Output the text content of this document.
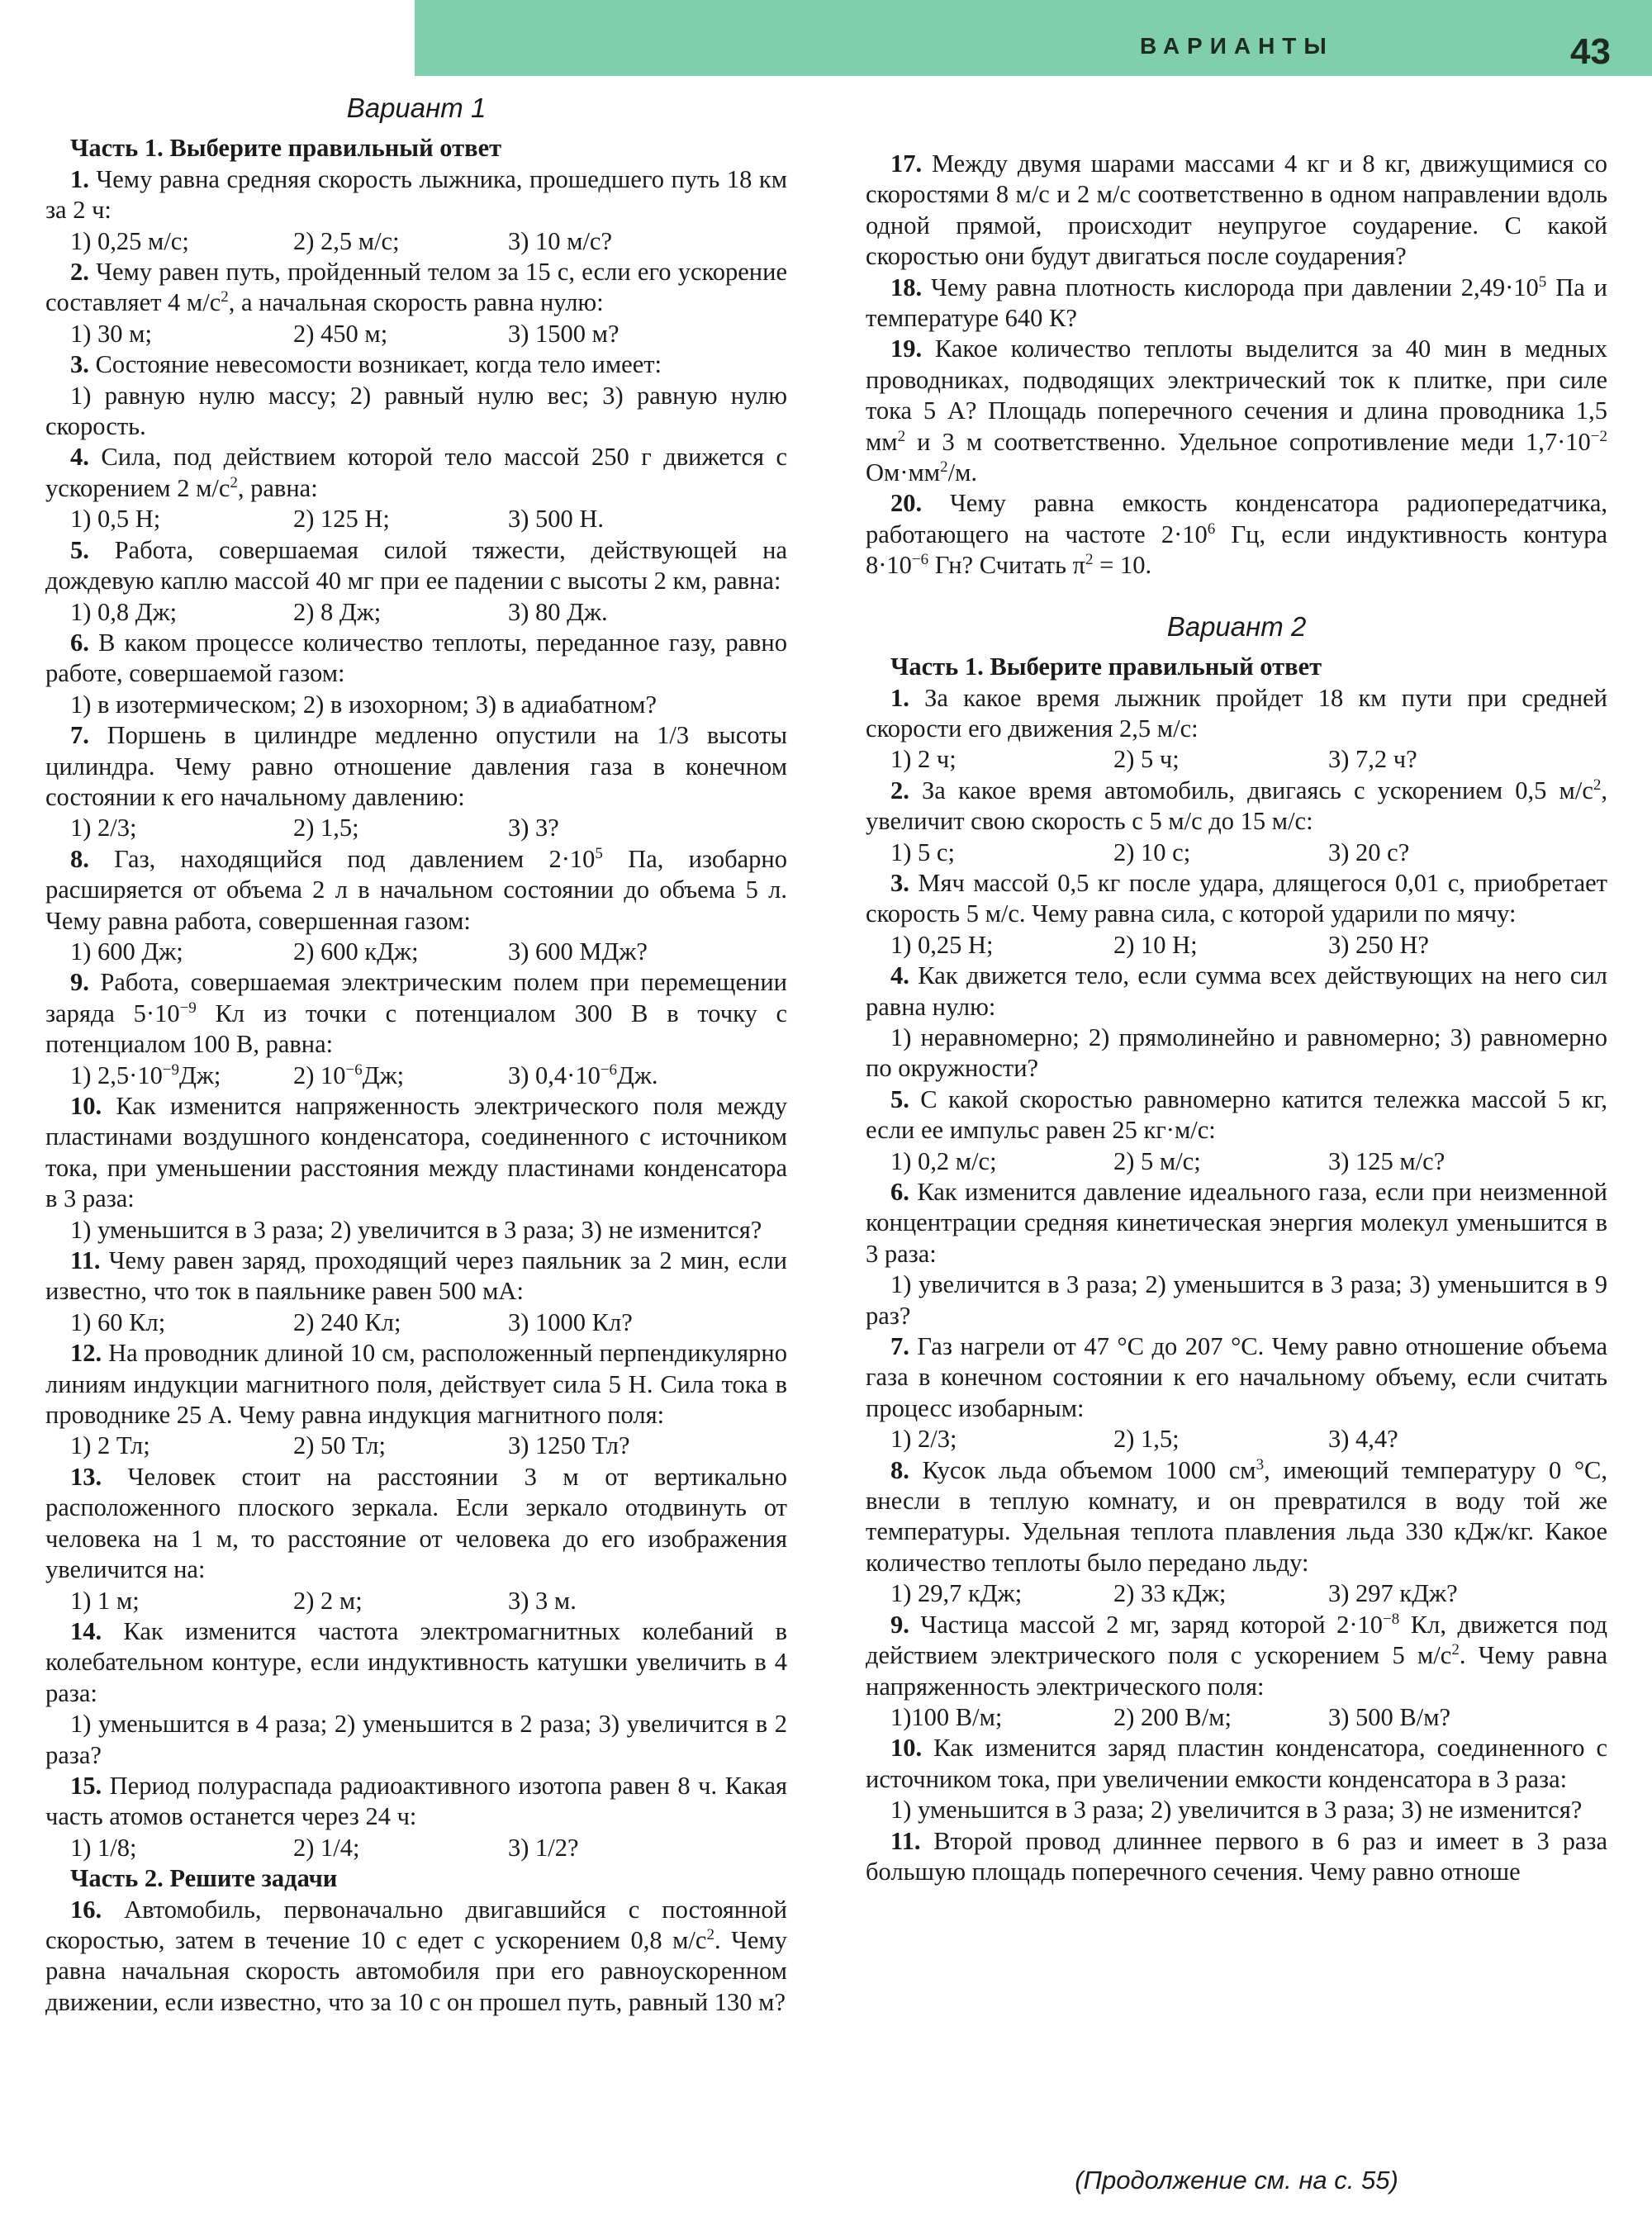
ВАРИАНТЫ	43
Вариант 1
Часть 1. Выберите правильный ответ
1. Чему равна средняя скорость лыжника, прошедшего путь 18 км за 2 ч:
1) 0,25 м/с;	2) 2,5 м/с;	3) 10 м/с?
2. Чему равен путь, пройденный телом за 15 с, если его ускорение составляет 4 $м/с^2$, а начальная скорость равна нулю:
1) 30 м;	2) 450 м;	3) 1500 м?
3. Состояние невесомости возникает, когда тело имеет:
1) равную нулю массу; 2) равный нулю вес; 3) равную нулю скорость.
4. Сила, под действием которой тело массой 250 г движется с ускорением 2 $м/с^2$, равна:
1) 0,5 Н;	2) 125 Н;	3) 500 Н.
5. Работа, совершаемая силой тяжести, действующей на дождевую каплю массой 40 мг при ее падении с высоты 2 км, равна:
1) 0,8 Дж;	2) 8 Дж;	3) 80 Дж.
6. В каком процессе количество теплоты, переданное газу, равно работе, совершаемой газом:
1) в изотермическом; 2) в изохорном; 3) в адиабатном?
7. Поршень в цилиндре медленно опустили на 1/3 высоты цилиндра. Чему равно отношение давления газа в конечном состоянии к его начальному давлению:
1) 2/3;	2) 1,5;	3) 3?
8. Газ, находящийся под давлением $2\cdot 10^5$ Па, изобарно расширяется от объема 2 л в начальном состоянии до объема 5 л. Чему равна работа, совершенная газом:
1) 600 Дж;	2) 600 кДж;	3) 600 МДж?
9. Работа, совершаемая электрическим полем при перемещении заряда $5\cdot 10^{-9}$ Кл из точки с потенциалом 300 В в точку с потенциалом 100 В, равна:
1) $2,5\cdot 10^{-9}Дж$;	2) $10^{-6}Дж$;	3) $0,4\cdot 10^{-6}Дж$.
10. Как изменится напряженность электрического поля между пластинами воздушного конденсатора, соединенного с источником тока, при уменьшении расстояния между пластинами конденсатора в 3 раза:
1) уменьшится в 3 раза; 2) увеличится в 3 раза; 3) не изменится?
11. Чему равен заряд, проходящий через паяльник за 2 мин, если известно, что ток в паяльнике равен 500 мА:
1) 60 Кл;	2) 240 Кл;	3) 1000 Кл?
12. На проводник длиной 10 см, расположенный перпендикулярно линиям индукции магнитного поля, действует сила 5 Н. Сила тока в проводнике 25 А. Чему равна индукция магнитного поля:
1) 2 Тл;	2) 50 Тл;	3) 1250 Тл?
13. Человек стоит на расстоянии 3 м от вертикально расположенного плоского зеркала. Если зеркало отодвинуть от человека на 1 м, то расстояние от человека до его изображения увеличится на:
1) 1 м;	2) 2 м;	3) 3 м.
14. Как изменится частота электромагнитных колебаний в колебательном контуре, если индуктивность катушки увеличить в 4 раза:
1) уменьшится в 4 раза; 2) уменьшится в 2 раза; 3) увеличится в 2 раза?
15. Период полураспада радиоактивного изотопа равен 8 ч. Какая часть атомов останется через 24 ч:
1) 1/8;	2) 1/4;	3) 1/2?
Часть 2. Решите задачи
16. Автомобиль, первоначально двигавшийся с постоянной скоростью, затем в течение 10 с едет с ускорением 0,8 $м/с^2$. Чему равна начальная скорость автомобиля при его равноускоренном движении, если известно, что за 10 с он прошел путь, равный 130 м?
17. Между двумя шарами массами 4 кг и 8 кг, движущимися со скоростями 8 м/с и 2 м/с соответственно в одном направлении вдоль одной прямой, происходит неупругое соударение. С какой скоростью они будут двигаться после соударения?
18. Чему равна плотность кислорода при давлении $2,49\cdot 10^5$ Па и температуре 640 К?
19. Какое количество теплоты выделится за 40 мин в медных проводниках, подводящих электрический ток к плитке, при силе тока 5 А? Площадь поперечного сечения и длина проводника 1,5 $мм^2$ и 3 м соответственно. Удельное сопротивление меди $1,7\cdot 10^{-2}$ $Ом\cdot мм^2/м$.
20. Чему равна емкость конденсатора радиопередатчика, работающего на частоте $2\cdot 10^6$ Гц, если индуктивность контура $8\cdot 10^{-6}$ Гн? Считать $\pi^2 = 10$.
Вариант 2
Часть 1. Выберите правильный ответ
1. За какое время лыжник пройдет 18 км пути при средней скорости его движения 2,5 м/с:
1) 2 ч;	2) 5 ч;	3) 7,2 ч?
2. За какое время автомобиль, двигаясь с ускорением 0,5 $м/с^2$, увеличит свою скорость с 5 м/с до 15 м/с:
1) 5 с;	2) 10 с;	3) 20 с?
3. Мяч массой 0,5 кг после удара, длящегося 0,01 с, приобретает скорость 5 м/с. Чему равна сила, с которой ударили по мячу:
1) 0,25 Н;	2) 10 Н;	3) 250 Н?
4. Как движется тело, если сумма всех действующих на него сил равна нулю:
1) неравномерно; 2) прямолинейно и равномерно; 3) равномерно по окружности?
5. С какой скоростью равномерно катится тележка массой 5 кг, если ее импульс равен 25 кг·м/с:
1) 0,2 м/с;	2) 5 м/с;	3) 125 м/с?
6. Как изменится давление идеального газа, если при неизменной концентрации средняя кинетическая энергия молекул уменьшится в 3 раза:
1) увеличится в 3 раза; 2) уменьшится в 3 раза; 3) уменьшится в 9 раз?
7. Газ нагрели от 47 °С до 207 °С. Чему равно отношение объема газа в конечном состоянии к его начальному объему, если считать процесс изобарным:
1) 2/3;	2) 1,5;	3) 4,4?
8. Кусок льда объемом 1000 $см^3$, имеющий температуру 0 °С, внесли в теплую комнату, и он превратился в воду той же температуры. Удельная теплота плавления льда 330 кДж/кг. Какое количество теплоты было передано льду:
1) 29,7 кДж;	2) 33 кДж;	3) 297 кДж?
9. Частица массой 2 мг, заряд которой $2\cdot 10^{-8}$ Кл, движется под действием электрического поля с ускорением 5 $м/с^2$. Чему равна напряженность электрического поля:
1)100 В/м;	2) 200 В/м;	3) 500 В/м?
10. Как изменится заряд пластин конденсатора, соединенного с источником тока, при увеличении емкости конденсатора в 3 раза:
1) уменьшится в 3 раза; 2) увеличится в 3 раза; 3) не изменится?
11. Второй провод длиннее первого в 6 раз и имеет в 3 раза большую площадь поперечного сечения. Чему равно отноше
(Продолжение см. на с. 55)
